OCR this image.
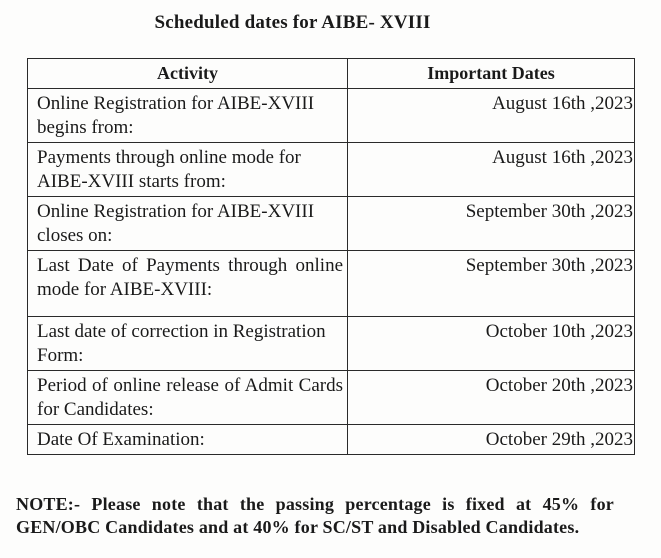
Scheduled dates for AIBE- XVIII
Activity	Important Dates
Online Registration for AIBE-XVIII begins from:	August 16th ,2023
Payments through online mode for AIBE-XVIII starts from:	August 16th ,2023
Online Registration for AIBE-XVIII closes on:	September 30th ,2023
Last Date of Payments through online mode for AIBE-XVIII:	September 30th ,2023
Last date of correction in Registration Form:	October 10th ,2023
Period of online release of Admit Cards for Candidates:	October 20th ,2023
Date Of Examination:	October 29th ,2023
NOTE:- Please note that the passing percentage is fixed at 45% for GEN/OBC Candidates and at 40% for SC/ST and Disabled Candidates.
